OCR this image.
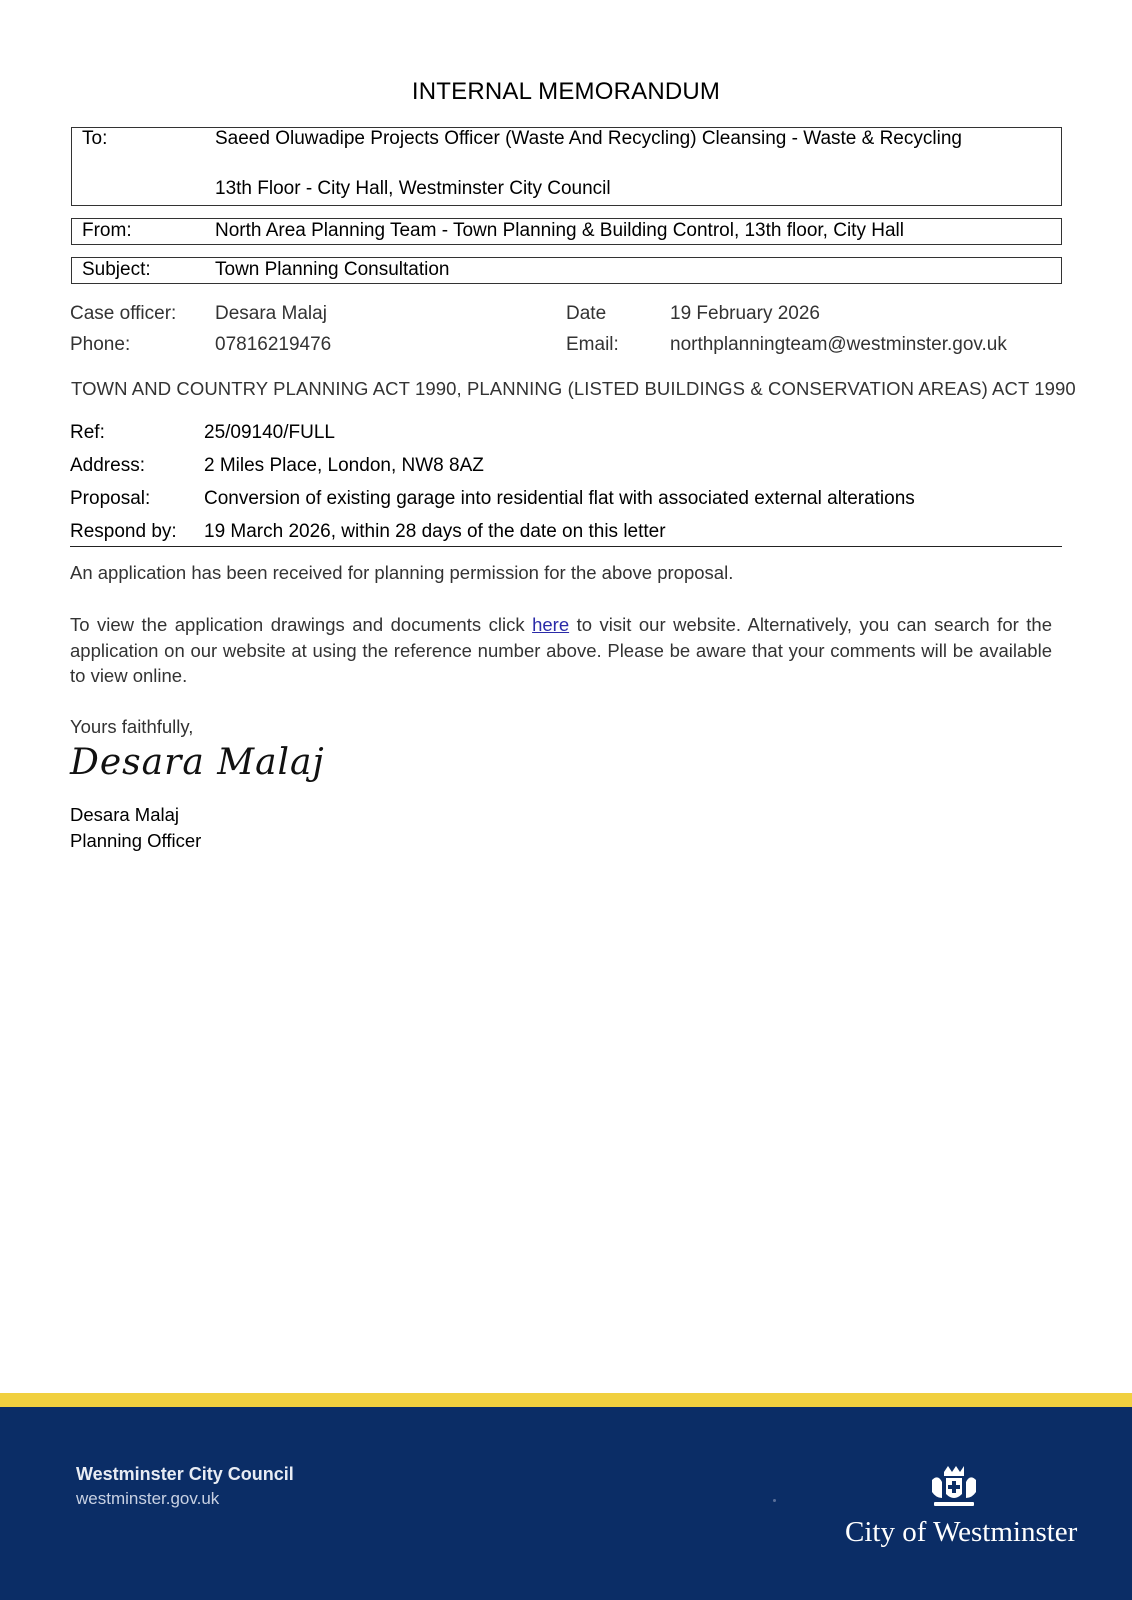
INTERNAL MEMORANDUM
To:	Saeed Oluwadipe Projects Officer (Waste And Recycling) Cleansing - Waste & Recycling
13th Floor - City Hall, Westminster City Council
From:	North Area Planning Team - Town Planning & Building Control, 13th floor, City Hall
Subject:	Town Planning Consultation
Case officer: Desara Malaj	Date	19 February 2026
Phone:	07816219476	Email:	northplanningteam@westminster.gov.uk
TOWN AND COUNTRY PLANNING ACT 1990, PLANNING (LISTED BUILDINGS & CONSERVATION AREAS) ACT 1990
Ref:	25/09140/FULL
Address:	2 Miles Place, London, NW8 8AZ
Proposal:	Conversion of existing garage into residential flat with associated external alterations
Respond by: 19 March 2026, within 28 days of the date on this letter
An application has been received for planning permission for the above proposal.
To view the application drawings and documents click here to visit our website. Alternatively, you can search for the application on our website at using the reference number above. Please be aware that your comments will be available to view online.
Yours faithfully,
Desara Malaj
Desara Malaj
Planning Officer
Westminster City Council
westminster.gov.uk
City of Westminster
